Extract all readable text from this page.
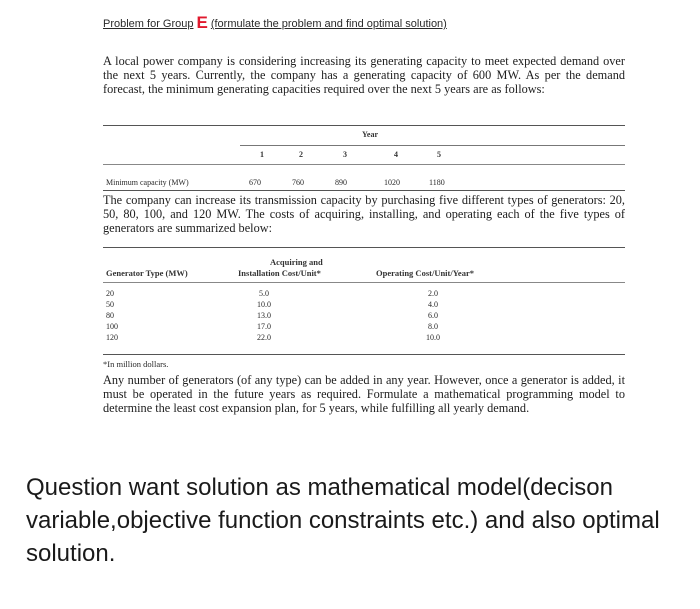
Problem for Group E (formulate the problem and find optimal solution)

A local power company is considering increasing its generating capacity to meet expected demand over the next 5 years. Currently, the company has a generating capacity of 600 MW. As per the demand forecast, the minimum generating capacities required over the next 5 years are as follows:

Year
1	2	3	4	5
Minimum capacity (MW)	670	760	890	1020	1180

The company can increase its transmission capacity by purchasing five different types of generators: 20, 50, 80, 100, and 120 MW. The costs of acquiring, installing, and operating each of the five types of generators are summarized below:

Generator Type (MW)
Acquiring and
Installation Cost/Unit*	Operating Cost/Unit/Year*
20	5.0	2.0
50	10.0	4.0
80	13.0	6.0
100	17.0	8.0
120	22.0	10.0
*In million dollars.

Any number of generators (of any type) can be added in any year. However, once a generator is added, it must be operated in the future years as required. Formulate a mathematical programming model to determine the least cost expansion plan, for 5 years, while fulfilling all yearly demand.

Question want solution as mathematical model(decison variable,objective function constraints etc.) and also optimal solution.
